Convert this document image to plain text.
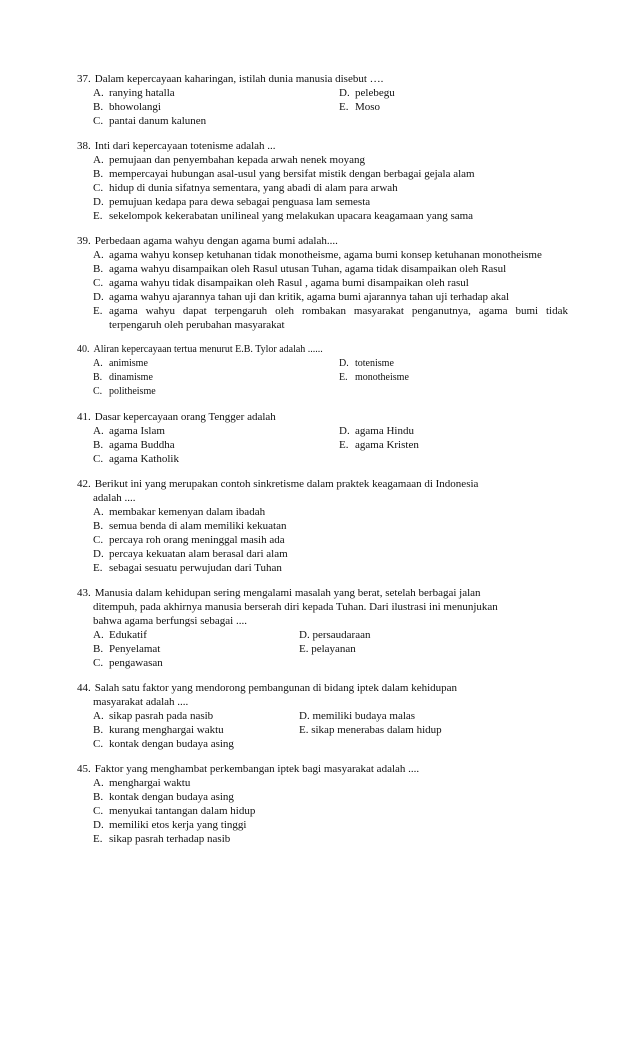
37. Dalam kepercayaan kaharingan, istilah dunia manusia disebut ….
A. ranying hatalla	D. pelebegu
B. bhowolangi	E. Moso
C. pantai danum kalunen
38. Inti dari kepercayaan totenisme adalah ...
A. pemujaan dan penyembahan kepada arwah nenek moyang
B. mempercayai hubungan asal-usul yang bersifat mistik dengan berbagai gejala alam
C. hidup di dunia sifatnya sementara, yang abadi di alam para arwah
D. pemujuan kedapa para dewa sebagai penguasa lam semesta
E. sekelompok kekerabatan unilineal yang melakukan upacara keagamaan yang sama
39. Perbedaan agama wahyu dengan agama bumi adalah....
A. agama wahyu konsep ketuhanan tidak monotheisme, agama bumi konsep ketuhanan monotheisme
B. agama wahyu disampaikan oleh Rasul utusan Tuhan, agama tidak disampaikan oleh Rasul
C. agama wahyu tidak disampaikan oleh Rasul , agama bumi disampaikan oleh rasul
D. agama wahyu ajarannya tahan uji dan kritik, agama bumi ajarannya tahan uji terhadap akal
E. agama wahyu dapat terpengaruh oleh rombakan masyarakat penganutnya, agama bumi tidak terpengaruh oleh perubahan masyarakat
40. Aliran kepercayaan tertua menurut E.B. Tylor adalah ......
A. animisme	D. totenisme
B. dinamisme	E. monotheisme
C. politheisme
41. Dasar kepercayaan orang Tengger adalah
A. agama Islam	D. agama Hindu
B. agama Buddha	E. agama Kristen
C. agama Katholik
42. Berikut ini yang merupakan contoh sinkretisme dalam praktek keagamaan di Indonesia
adalah ....
A. membakar kemenyan dalam ibadah
B. semua benda di alam memiliki kekuatan
C. percaya roh orang meninggal masih ada
D. percaya kekuatan alam berasal dari alam
E. sebagai sesuatu perwujudan dari Tuhan
43. Manusia dalam kehidupan sering mengalami masalah yang berat, setelah berbagai jalan
ditempuh, pada akhirnya manusia berserah diri kepada Tuhan. Dari ilustrasi ini menunjukan
bahwa agama berfungsi sebagai ....
A. Edukatif	D. persaudaraan
B. Penyelamat	E. pelayanan
C. pengawasan
44. Salah satu faktor yang mendorong pembangunan di bidang iptek dalam kehidupan
masyarakat adalah ....
A. sikap pasrah pada nasib	D. memiliki budaya malas
B. kurang menghargai waktu	E. sikap menerabas dalam hidup
C. kontak dengan budaya asing
45. Faktor yang menghambat perkembangan iptek bagi masyarakat adalah ....
A. menghargai waktu
B. kontak dengan budaya asing
C. menyukai tantangan dalam hidup
D. memiliki etos kerja yang tinggi
E. sikap pasrah terhadap nasib
